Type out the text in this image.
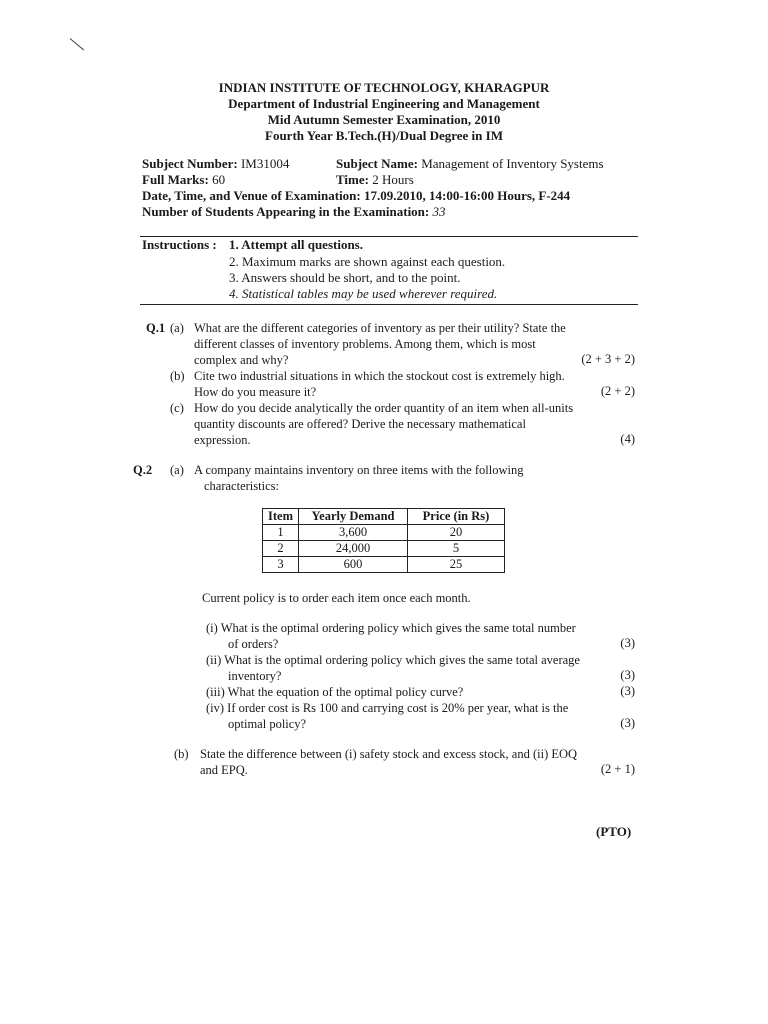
INDIAN INSTITUTE OF TECHNOLOGY, KHARAGPUR
Department of Industrial Engineering and Management
Mid Autumn Semester Examination, 2010
Fourth Year B.Tech.(H)/Dual Degree in IM
Subject Number: IM31004	Subject Name: Management of Inventory Systems
Full Marks: 60	Time: 2 Hours
Date, Time, and Venue of Examination: 17.09.2010, 14:00-16:00 Hours, F-244
Number of Students Appearing in the Examination: 33
Instructions : 1. Attempt all questions.
2. Maximum marks are shown against each question.
3. Answers should be short, and to the point.
4. Statistical tables may be used wherever required.
Q.1 (a) What are the different categories of inventory as per their utility? State the
different classes of inventory problems. Among them, which is most
complex and why?	(2 + 3 + 2)
(b) Cite two industrial situations in which the stockout cost is extremely high.
How do you measure it?	(2 + 2)
(c) How do you decide analytically the order quantity of an item when all-units
quantity discounts are offered? Derive the necessary mathematical
expression.	(4)
Q.2 (a) A company maintains inventory on three items with the following
characteristics:
Item	Yearly Demand	Price (in Rs)
1	3,600	20
2	24,000	5
3	600	25
Current policy is to order each item once each month.
(i) What is the optimal ordering policy which gives the same total number
of orders?	(3)
(ii) What is the optimal ordering policy which gives the same total average
inventory?	(3)
(iii) What the equation of the optimal policy curve?	(3)
(iv) If order cost is Rs 100 and carrying cost is 20% per year, what is the
optimal policy?	(3)
(b) State the difference between (i) safety stock and excess stock, and (ii) EOQ
and EPQ.	(2 + 1)
(PTO)
